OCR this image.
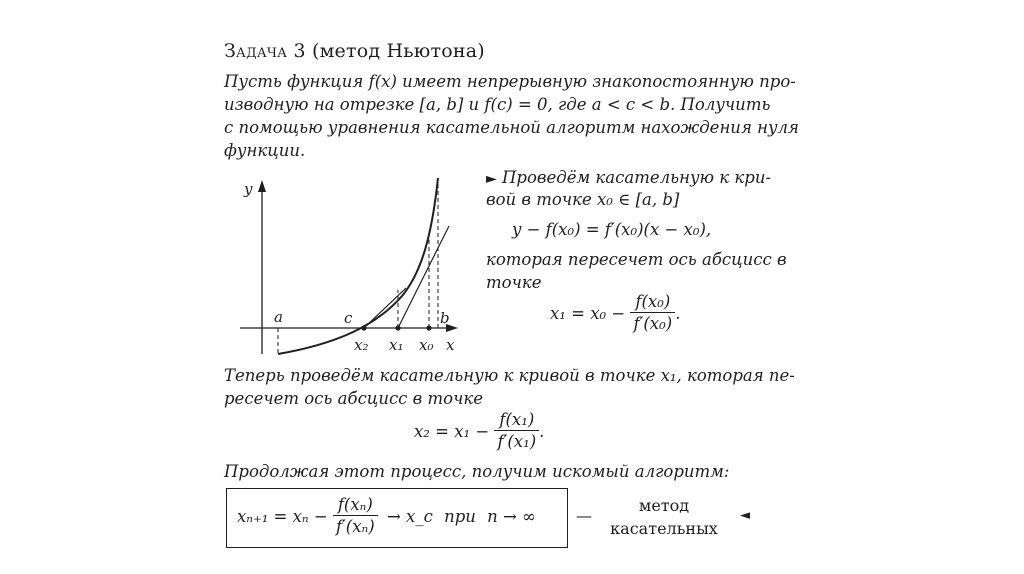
Задача 3 (метод Ньютона)
Пусть функция f(x) имеет непрерывную знакопостоянную про-
изводную на отрезке [a, b] и f(c) = 0, где a < c < b. Получить
с помощью уравнения касательной алгоритм нахождения нуля
функции.
y
a	c	b
x₂ x₁ x₀ x
► Проведём касательную к кри-
вой в точке x₀ ∈ [a, b]
y − f(x₀) = f′(x₀)(x − x₀),
которая пересечет ось абсцисс в
точке
$x_1 = x_0 - \frac{\text{f(x₀)}}{\text{f′(x₀)}}$ .
Теперь проведём касательную к кривой в точке x₁, которая пе-
ресечет ось абсцисс в точке
$x_2 = x_1 - \frac{\text{f(x₁)}}{\text{f′(x₁)}}$ .
Продолжая этот процесс, получим искомый алгоритм:
$x_{n+1} = x_n - \frac{\text{f(xₙ)}}{\text{f′(xₙ)}}$ → x_c при n → ∞	—
метод
касательных
◄
